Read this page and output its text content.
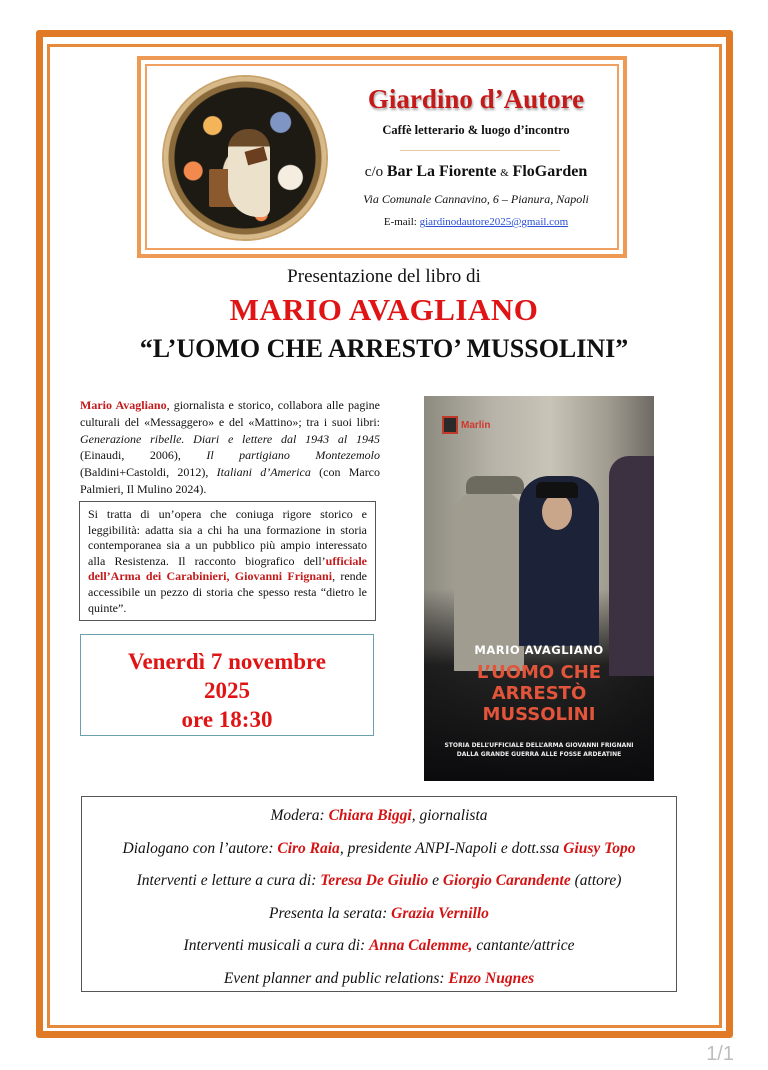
Giardino d’Autore
Caffè letterario & luogo d’incontro
c/o Bar La Fiorente & FloGarden
Via Comunale Cannavino, 6 – Pianura, Napoli
E-mail: giardinodautore2025@gmail.com
Presentazione del libro di
MARIO AVAGLIANO
“L’UOMO CHE ARRESTO’ MUSSOLINI”
Mario Avagliano, giornalista e storico, collabora alle pagine culturali del «Messaggero» e del «Mattino»; tra i suoi libri: Generazione ribelle. Diari e lettere dal 1943 al 1945 (Einaudi, 2006), Il partigiano Montezemolo (Baldini+Castoldi, 2012), Italiani d’America (con Marco Palmieri, Il Mulino 2024).
Si tratta di un’opera che coniuga rigore storico e leggibilità: adatta sia a chi ha una formazione in storia contemporanea sia a un pubblico più ampio interessato alla Resistenza. Il racconto biografico dell’ufficiale dell’Arma dei Carabinieri, Giovanni Frignani, rende accessibile un pezzo di storia che spesso resta “dietro le quinte”.
Venerdì 7 novembre
2025
ore 18:30
Marlin
MARIO AVAGLIANO
L’UOMO CHE
ARRESTÒ
MUSSOLINI
STORIA DELL’UFFICIALE DELL’ARMA GIOVANNI FRIGNANI
DALLA GRANDE GUERRA ALLE FOSSE ARDEATINE
Modera: Chiara Biggi, giornalista
Dialogano con l’autore: Ciro Raia, presidente ANPI-Napoli e dott.ssa Giusy Topo
Interventi e letture a cura di: Teresa De Giulio e Giorgio Carandente (attore)
Presenta la serata: Grazia Vernillo
Interventi musicali a cura di: Anna Calemme, cantante/attrice
Event planner and public relations: Enzo Nugnes
1/1
